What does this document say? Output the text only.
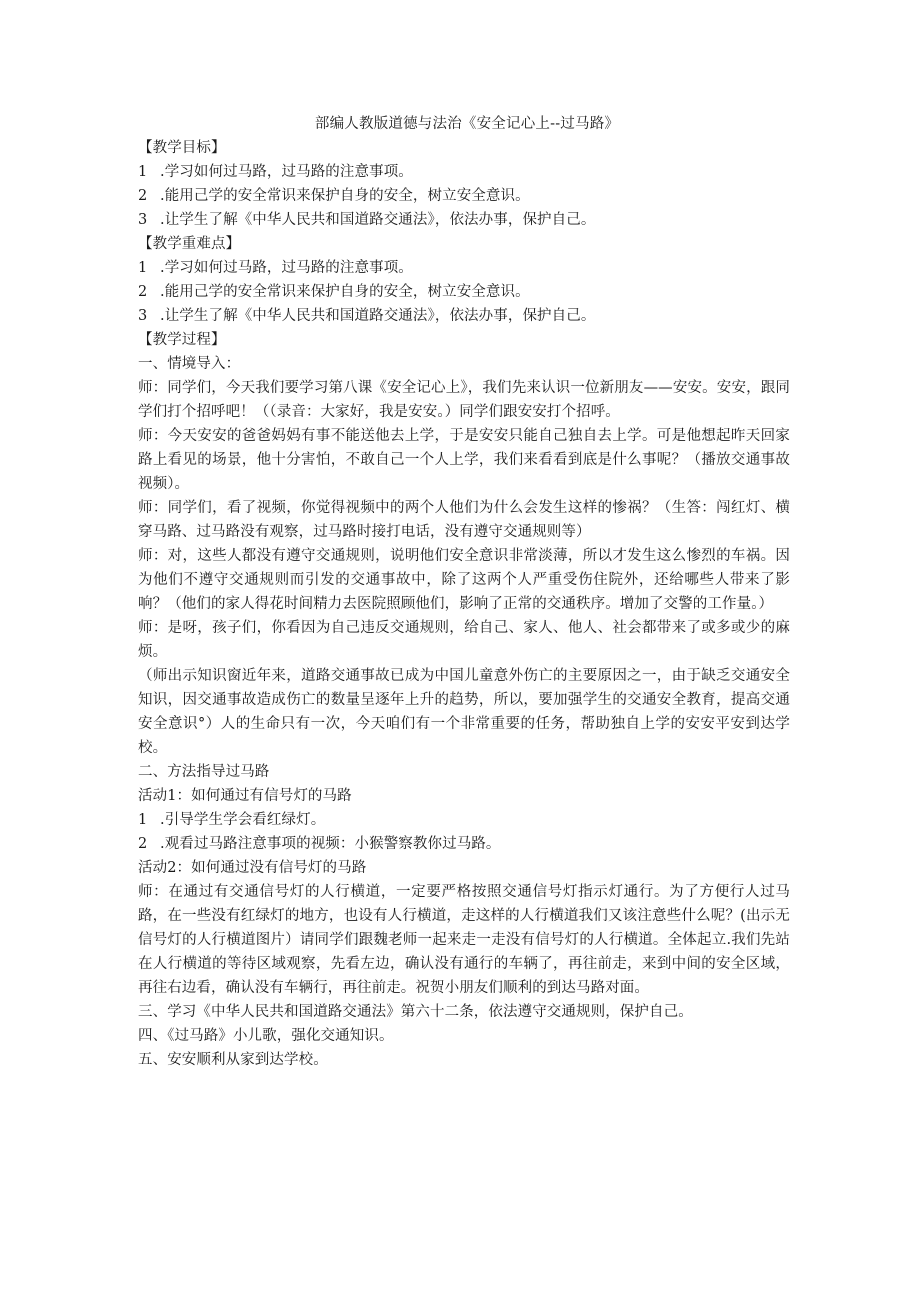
部编人教版道德与法治《安全记心上--过马路》

【教学目标】

1 .学习如何过马路，过马路的注意事项。

2 .能用己学的安全常识来保护自身的安全，树立安全意识。

3 .让学生了解《中华人民共和国道路交通法》，依法办事，保护自己。

【教学重难点】

1 .学习如何过马路，过马路的注意事项。

2 .能用己学的安全常识来保护自身的安全，树立安全意识。

3 .让学生了解《中华人民共和国道路交通法》，依法办事，保护自己。

【教学过程】

一、情境导入：

师：同学们，今天我们要学习第八课《安全记心上》，我们先来认识一位新朋友——安安。安安，跟同学们打个招呼吧！（（录音：大家好，我是安安。）同学们跟安安打个招呼。

师：今天安安的爸爸妈妈有事不能送他去上学，于是安安只能自己独自去上学。可是他想起昨天回家路上看见的场景，他十分害怕，不敢自己一个人上学，我们来看看到底是什么事呢？（播放交通事故视频）。

师：同学们，看了视频，你觉得视频中的两个人他们为什么会发生这样的惨祸？（生答：闯红灯、横穿马路、过马路没有观察，过马路时接打电话，没有遵守交通规则等）

师：对，这些人都没有遵守交通规则，说明他们安全意识非常淡薄，所以才发生这么惨烈的车祸。因为他们不遵守交通规则而引发的交通事故中，除了这两个人严重受伤住院外，还给哪些人带来了影响？（他们的家人得花时间精力去医院照顾他们，影响了正常的交通秩序。增加了交警的工作量。）

师：是呀，孩子们，你看因为自己违反交通规则，给自己、家人、他人、社会都带来了或多或少的麻烦。

（师出示知识窗近年来，道路交通事故已成为中国儿童意外伤亡的主要原因之一，由于缺乏交通安全知识，因交通事故造成伤亡的数量呈逐年上升的趋势，所以，要加强学生的交通安全教育，提高交通安全意识°）人的生命只有一次，今天咱们有一个非常重要的任务，帮助独自上学的安安平安到达学校。

二、方法指导过马路

活动1：如何通过有信号灯的马路

1 .引导学生学会看红绿灯。

2 .观看过马路注意事项的视频：小猴警察教你过马路。

活动2：如何通过没有信号灯的马路

师：在通过有交通信号灯的人行横道，一定要严格按照交通信号灯指示灯通行。为了方便行人过马路，在一些没有红绿灯的地方，也设有人行横道，走这样的人行横道我们又该注意些什么呢？(出示无信号灯的人行横道图片）请同学们跟魏老师一起来走一走没有信号灯的人行横道。全体起立.我们先站在人行横道的等待区域观察，先看左边，确认没有通行的车辆了，再往前走，来到中间的安全区域，再往右边看，确认没有车辆行，再往前走。祝贺小朋友们顺利的到达马路对面。

三、学习《中华人民共和国道路交通法》第六十二条，依法遵守交通规则，保护自己。

四、《过马路》小儿歌，强化交通知识。

五、安安顺利从家到达学校。
